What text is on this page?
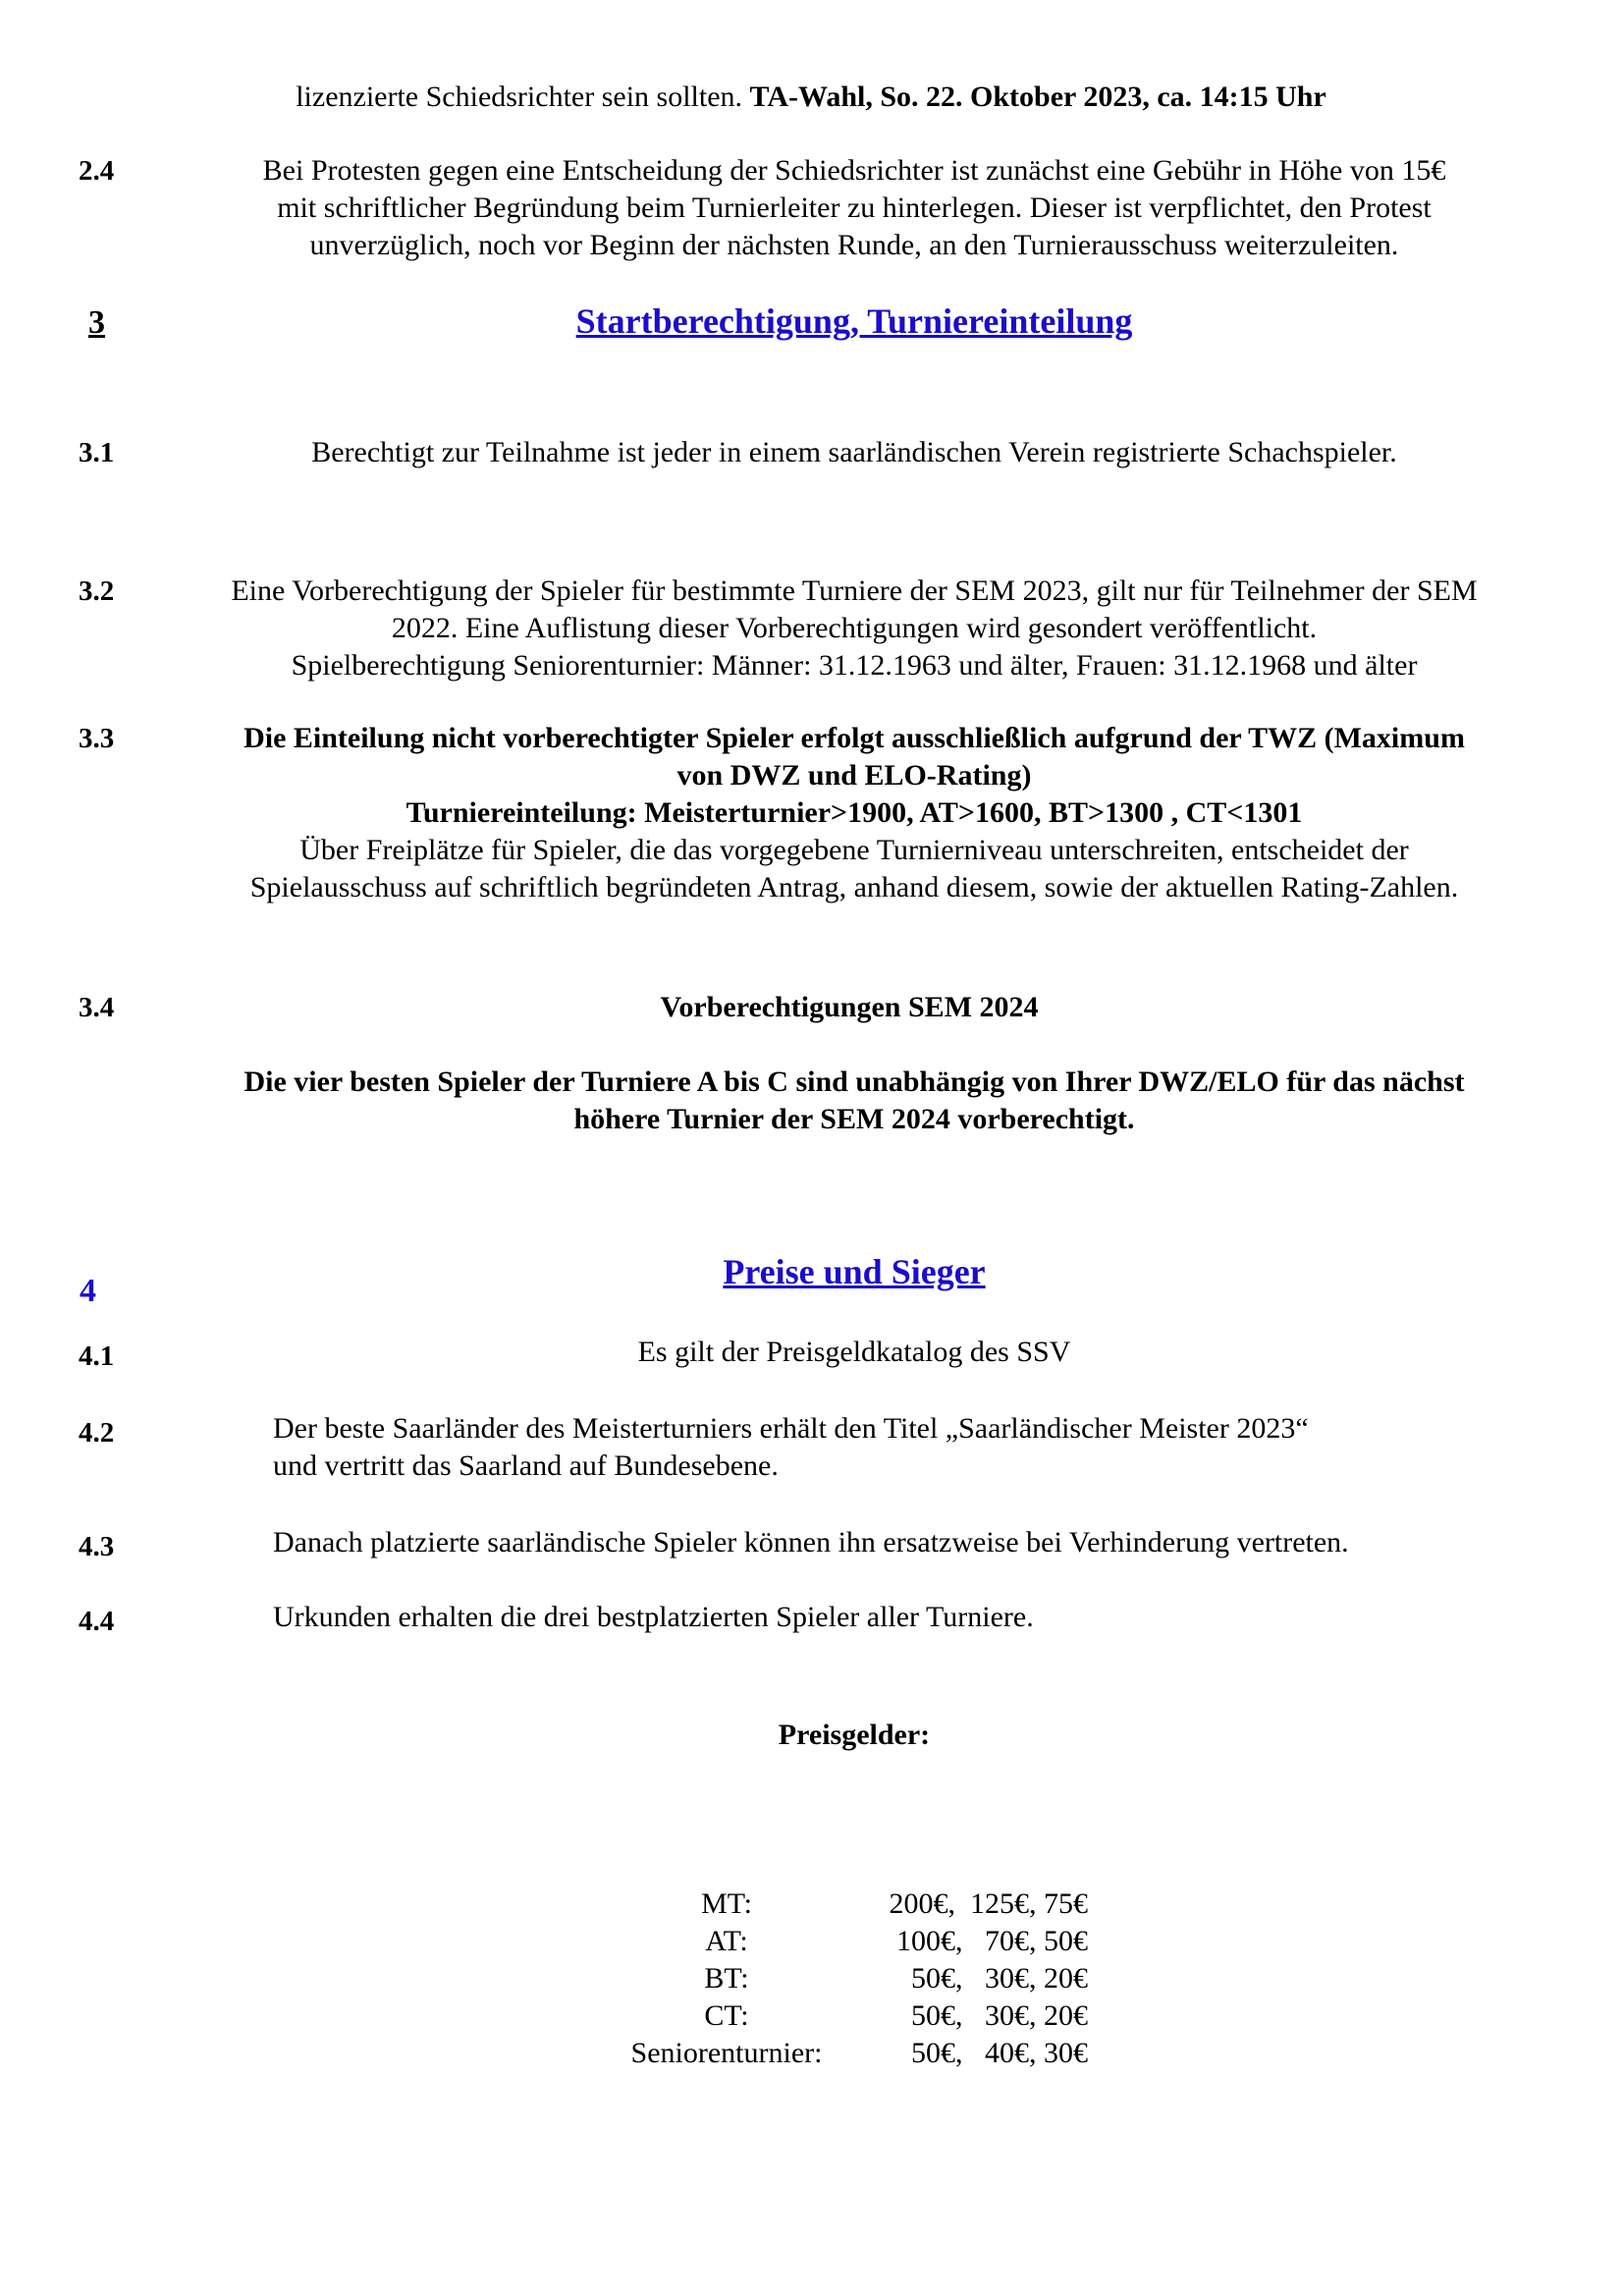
lizenzierte Schiedsrichter sein sollten. TA-Wahl, So. 22. Oktober 2023, ca. 14:15 Uhr
2.4	Bei Protesten gegen eine Entscheidung der Schiedsrichter ist zunächst eine Gebühr in Höhe von 15€
mit schriftlicher Begründung beim Turnierleiter zu hinterlegen. Dieser ist verpflichtet, den Protest
unverzüglich, noch vor Beginn der nächsten Runde, an den Turnierausschuss weiterzuleiten.
3	Startberechtigung, Turniereinteilung
3.1	Berechtigt zur Teilnahme ist jeder in einem saarländischen Verein registrierte Schachspieler.
3.2	Eine Vorberechtigung der Spieler für bestimmte Turniere der SEM 2023, gilt nur für Teilnehmer der SEM
2022. Eine Auflistung dieser Vorberechtigungen wird gesondert veröffentlicht.
Spielberechtigung Seniorenturnier: Männer: 31.12.1963 und älter, Frauen: 31.12.1968 und älter
3.3	Die Einteilung nicht vorberechtigter Spieler erfolgt ausschließlich aufgrund der TWZ (Maximum
von DWZ und ELO-Rating)
Turniereinteilung: Meisterturnier>1900, AT>1600, BT>1300 , CT<1301
Über Freiplätze für Spieler, die das vorgegebene Turnierniveau unterschreiten, entscheidet der
Spielausschuss auf schriftlich begründeten Antrag, anhand diesem, sowie der aktuellen Rating-Zahlen.
3.4	Vorberechtigungen SEM 2024
Die vier besten Spieler der Turniere A bis C sind unabhängig von Ihrer DWZ/ELO für das nächst
höhere Turnier der SEM 2024 vorberechtigt.
4	Preise und Sieger
4.1	Es gilt der Preisgeldkatalog des SSV
4.2	Der beste Saarländer des Meisterturniers erhält den Titel „Saarländischer Meister 2023“
und vertritt das Saarland auf Bundesebene.
4.3	Danach platzierte saarländische Spieler können ihn ersatzweise bei Verhinderung vertreten.
4.4	Urkunden erhalten die drei bestplatzierten Spieler aller Turniere.
Preisgelder:
MT:	200€,  125€, 75€
AT:	100€,   70€, 50€
BT:	50€,   30€, 20€
CT:	50€,   30€, 20€
Seniorenturnier:	50€,   40€, 30€
